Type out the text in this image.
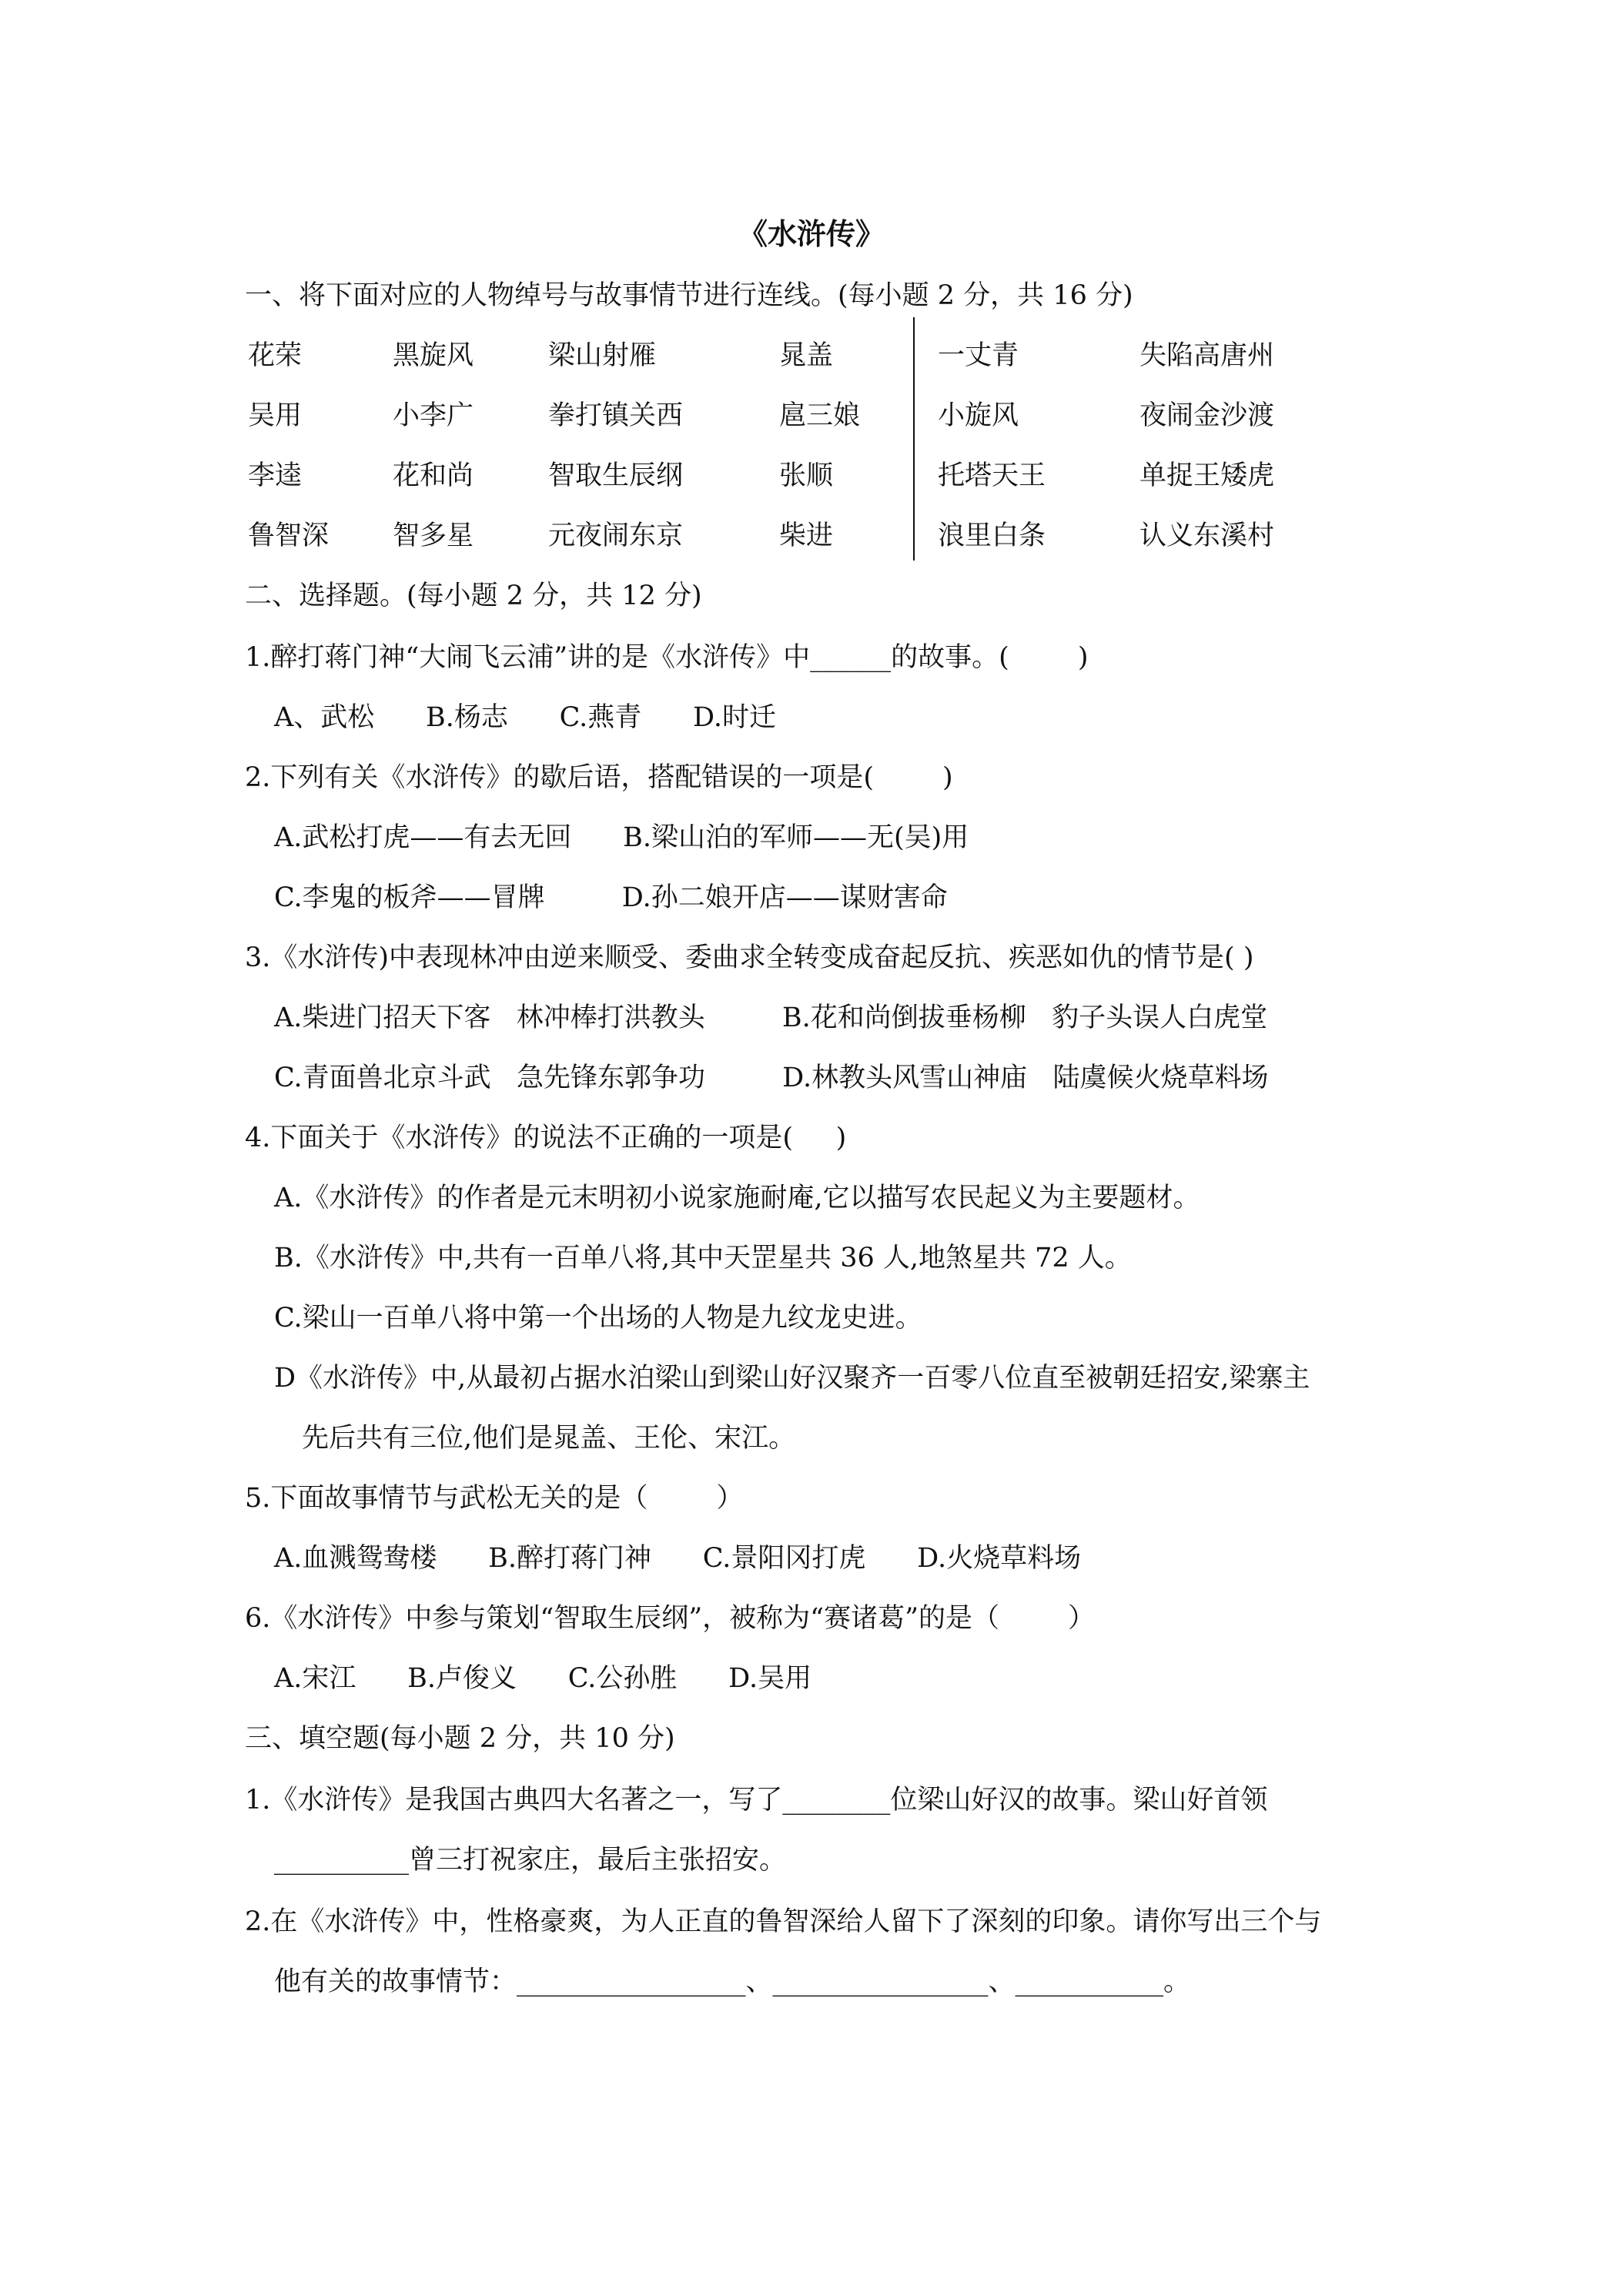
《水浒传》
一、将下面对应的人物绰号与故事情节进行连线。(每小题 2 分，共 16 分)
花荣	黑旋风	梁山射雁	晁盖	一丈青	失陷高唐州
吴用	小李广	拳打镇关西	扈三娘	小旋风	夜闹金沙渡
李逵	花和尚	智取生辰纲	张顺	托塔天王	单捉王矮虎
鲁智深 智多星	元夜闹东京	柴进	浪里白条	认义东溪村
二、选择题。(每小题 2 分，共 12 分)
1.醉打蒋门神“大闹飞云浦”讲的是《水浒传》中______的故事。(        )
A、武松      B.杨志      C.燕青      D.时迁
2.下列有关《水浒传》的歇后语，搭配错误的一项是(        )
A.武松打虎——有去无回      B.梁山泊的军师——无(吴)用
C.李鬼的板斧——冒牌         D.孙二娘开店——谋财害命
3.《水浒传)中表现林冲由逆来顺受、委曲求全转变成奋起反抗、疾恶如仇的情节是( )
A.柴进门招天下客   林冲棒打洪教头         B.花和尚倒拔垂杨柳   豹子头误人白虎堂
C.青面兽北京斗武   急先锋东郭争功         D.林教头风雪山神庙   陆虞候火烧草料场
4.下面关于《水浒传》的说法不正确的一项是(     )
A.《水浒传》的作者是元末明初小说家施耐庵,它以描写农民起义为主要题材。
B.《水浒传》中,共有一百单八将,其中天罡星共 36 人,地煞星共 72 人。
C.梁山一百单八将中第一个出场的人物是九纹龙史进。
D《水浒传》中,从最初占据水泊梁山到梁山好汉聚齐一百零八位直至被朝廷招安,梁寨主
先后共有三位,他们是晁盖、王伦、宋江。
5.下面故事情节与武松无关的是（        ）
A.血溅鸳鸯楼      B.醉打蒋门神      C.景阳冈打虎      D.火烧草料场
6.《水浒传》中参与策划“智取生辰纲”，被称为“赛诸葛”的是（        ）
A.宋江      B.卢俊义      C.公孙胜      D.吴用
三、填空题(每小题 2 分，共 10 分)
1.《水浒传》是我国古典四大名著之一，写了________位梁山好汉的故事。梁山好首领
__________曾三打祝家庄，最后主张招安。
2.在《水浒传》中，性格豪爽，为人正直的鲁智深给人留下了深刻的印象。请你写出三个与
他有关的故事情节：_________________、________________、___________。
